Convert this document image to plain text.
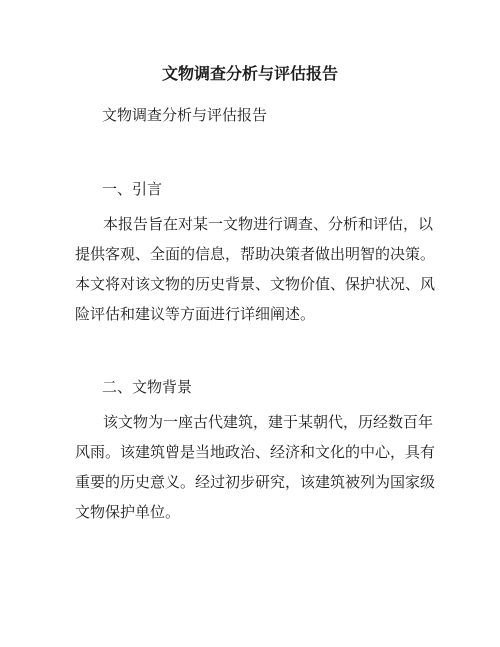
文物调查分析与评估报告
文物调查分析与评估报告
一、引言
本报告旨在对某一文物进行调查、分析和评估，以
提供客观、全面的信息，帮助决策者做出明智的决策。
本文将对该文物的历史背景、文物价值、保护状况、风
险评估和建议等方面进行详细阐述。
二、文物背景
该文物为一座古代建筑，建于某朝代，历经数百年
风雨。该建筑曾是当地政治、经济和文化的中心，具有
重要的历史意义。经过初步研究，该建筑被列为国家级
文物保护单位。
